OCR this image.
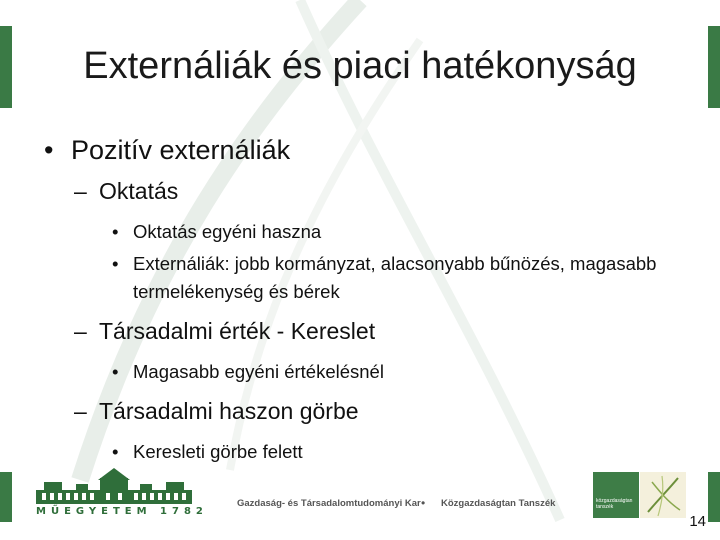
Externáliák és piaci hatékonyság
• Pozitív externáliák
– Oktatás
• Oktatás egyéni haszna
• Externáliák: jobb kormányzat, alacsonyabb bűnözés, magasabb termelékenység és bérek
– Társadalmi érték - Kereslet
• Magasabb egyéni értékelésnél
– Társadalmi haszon görbe
• Keresleti görbe felett
MŰEGYETEM 1782
Gazdaság- és Társadalomtudományi Kar • Közgazdaságtan Tanszék	közgazdaságtan tanszék
14
